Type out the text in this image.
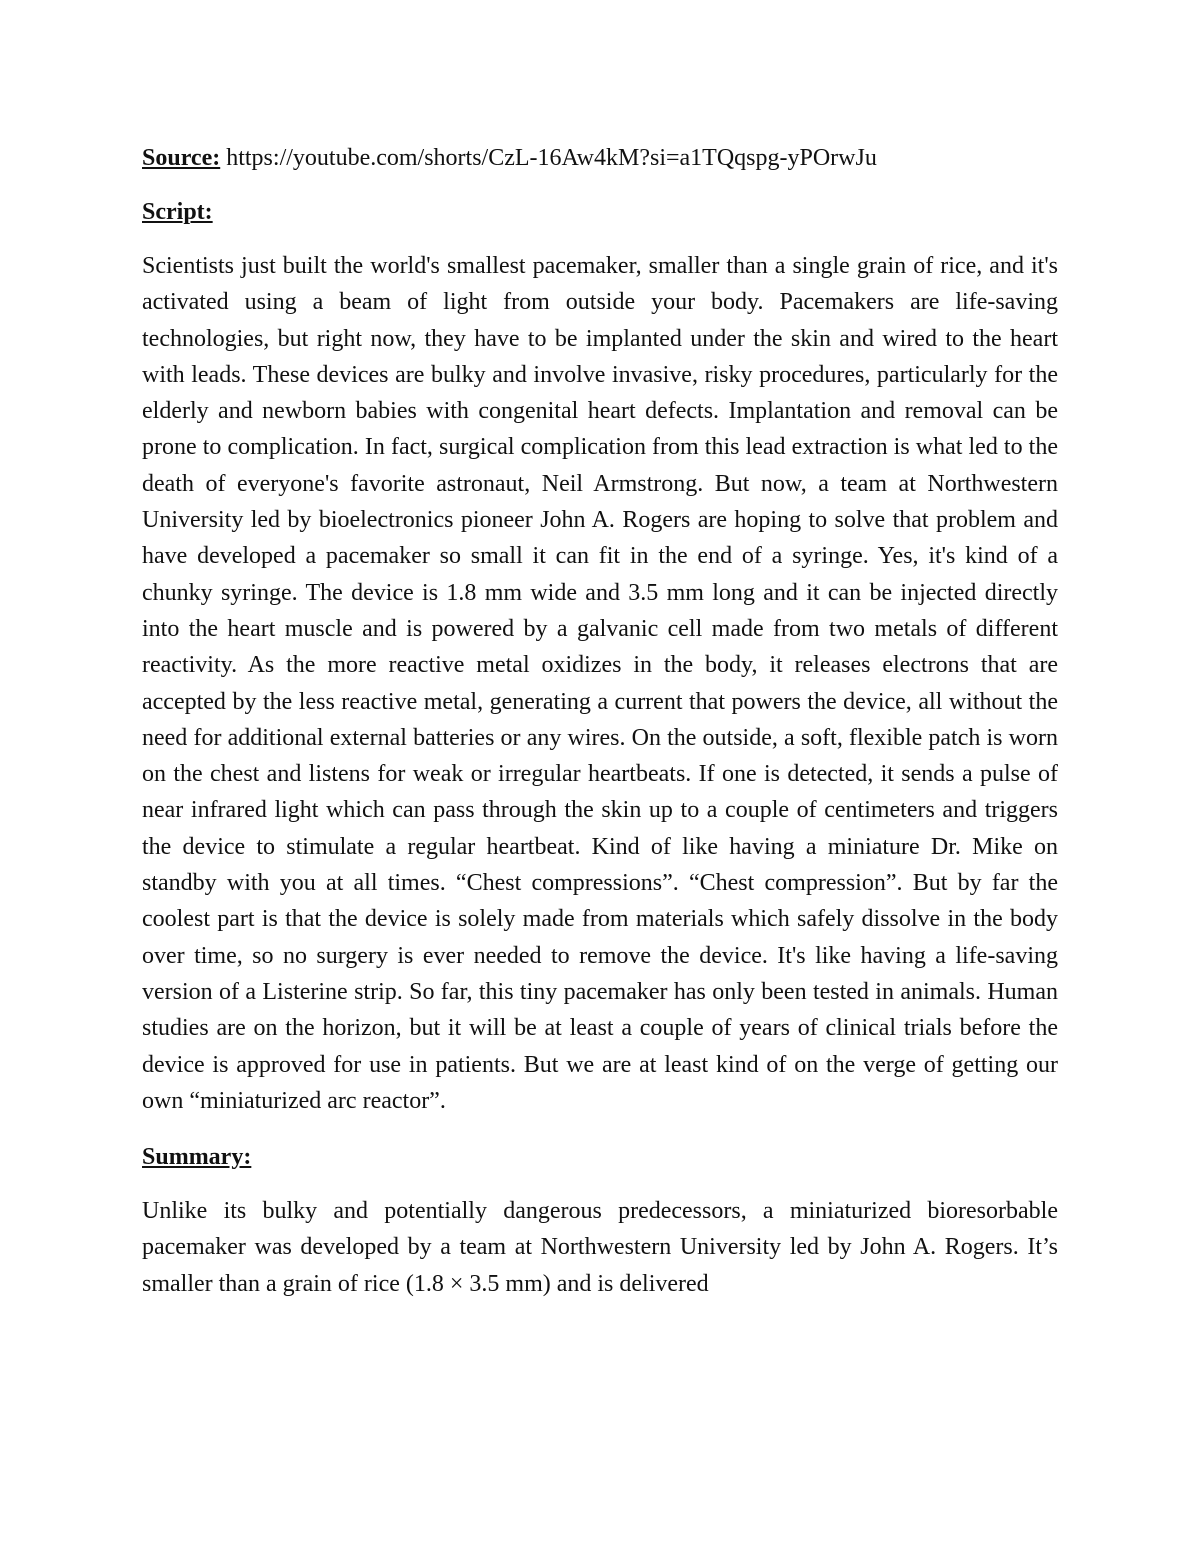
Source: https://youtube.com/shorts/CzL-16Aw4kM?si=a1TQqspg-yPOrwJu

Script:

Scientists just built the world's smallest pacemaker, smaller than a single grain of rice, and it's activated using a beam of light from outside your body. Pacemakers are life-saving technologies, but right now, they have to be implanted under the skin and wired to the heart with leads. These devices are bulky and involve invasive, risky procedures, particularly for the elderly and newborn babies with congenital heart defects. Implantation and removal can be prone to complication. In fact, surgical complication from this lead extraction is what led to the death of everyone's favorite astronaut, Neil Armstrong. But now, a team at Northwestern University led by bioelectronics pioneer John A. Rogers are hoping to solve that problem and have developed a pacemaker so small it can fit in the end of a syringe. Yes, it's kind of a chunky syringe. The device is 1.8 mm wide and 3.5 mm long and it can be injected directly into the heart muscle and is powered by a galvanic cell made from two metals of different reactivity. As the more reactive metal oxidizes in the body, it releases electrons that are accepted by the less reactive metal, generating a current that powers the device, all without the need for additional external batteries or any wires. On the outside, a soft, flexible patch is worn on the chest and listens for weak or irregular heartbeats. If one is detected, it sends a pulse of near infrared light which can pass through the skin up to a couple of centimeters and triggers the device to stimulate a regular heartbeat. Kind of like having a miniature Dr. Mike on standby with you at all times. “Chest compressions”. “Chest compression”. But by far the coolest part is that the device is solely made from materials which safely dissolve in the body over time, so no surgery is ever needed to remove the device. It's like having a life-saving version of a Listerine strip. So far, this tiny pacemaker has only been tested in animals. Human studies are on the horizon, but it will be at least a couple of years of clinical trials before the device is approved for use in patients. But we are at least kind of on the verge of getting our own “miniaturized arc reactor”.

Summary:

Unlike its bulky and potentially dangerous predecessors, a miniaturized bioresorbable pacemaker was developed by a team at Northwestern University led by John A. Rogers. It’s smaller than a grain of rice (1.8 × 3.5 mm) and is delivered
